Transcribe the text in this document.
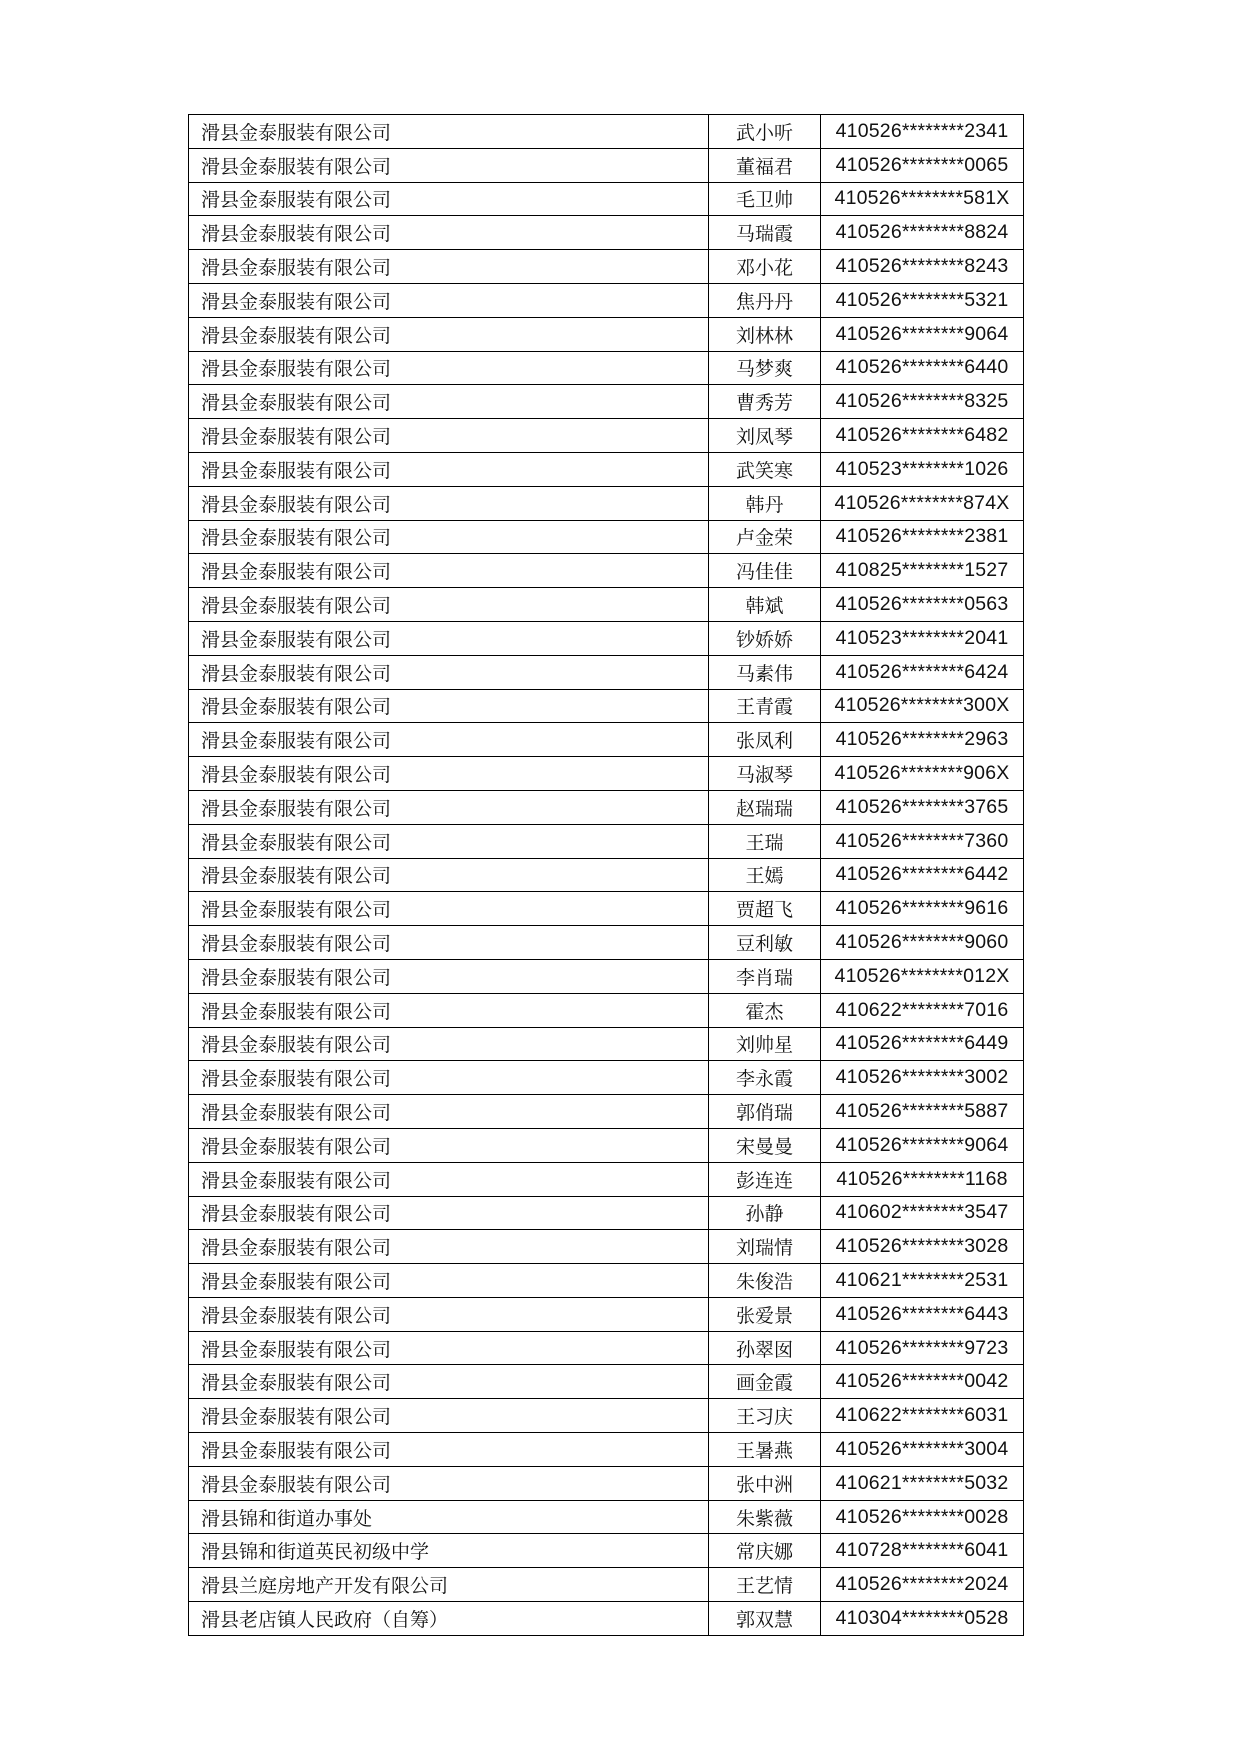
滑县金泰服装有限公司	武小听	410526********2341
滑县金泰服装有限公司	董福君	410526********0065
滑县金泰服装有限公司	毛卫帅	410526********581X
滑县金泰服装有限公司	马瑞霞	410526********8824
滑县金泰服装有限公司	邓小花	410526********8243
滑县金泰服装有限公司	焦丹丹	410526********5321
滑县金泰服装有限公司	刘林林	410526********9064
滑县金泰服装有限公司	马梦爽	410526********6440
滑县金泰服装有限公司	曹秀芳	410526********8325
滑县金泰服装有限公司	刘凤琴	410526********6482
滑县金泰服装有限公司	武笑寒	410523********1026
滑县金泰服装有限公司	韩丹	410526********874X
滑县金泰服装有限公司	卢金荣	410526********2381
滑县金泰服装有限公司	冯佳佳	410825********1527
滑县金泰服装有限公司	韩斌	410526********0563
滑县金泰服装有限公司	钞娇娇	410523********2041
滑县金泰服装有限公司	马素伟	410526********6424
滑县金泰服装有限公司	王青霞	410526********300X
滑县金泰服装有限公司	张凤利	410526********2963
滑县金泰服装有限公司	马淑琴	410526********906X
滑县金泰服装有限公司	赵瑞瑞	410526********3765
滑县金泰服装有限公司	王瑞	410526********7360
滑县金泰服装有限公司	王嫣	410526********6442
滑县金泰服装有限公司	贾超飞	410526********9616
滑县金泰服装有限公司	豆利敏	410526********9060
滑县金泰服装有限公司	李肖瑞	410526********012X
滑县金泰服装有限公司	霍杰	410622********7016
滑县金泰服装有限公司	刘帅星	410526********6449
滑县金泰服装有限公司	李永霞	410526********3002
滑县金泰服装有限公司	郭俏瑞	410526********5887
滑县金泰服装有限公司	宋曼曼	410526********9064
滑县金泰服装有限公司	彭连连	410526********1168
滑县金泰服装有限公司	孙静	410602********3547
滑县金泰服装有限公司	刘瑞情	410526********3028
滑县金泰服装有限公司	朱俊浩	410621********2531
滑县金泰服装有限公司	张爱景	410526********6443
滑县金泰服装有限公司	孙翠囡	410526********9723
滑县金泰服装有限公司	画金霞	410526********0042
滑县金泰服装有限公司	王习庆	410622********6031
滑县金泰服装有限公司	王暑燕	410526********3004
滑县金泰服装有限公司	张中洲	410621********5032
滑县锦和街道办事处	朱紫薇	410526********0028
滑县锦和街道英民初级中学	常庆娜	410728********6041
滑县兰庭房地产开发有限公司	王艺情	410526********2024
滑县老店镇人民政府（自筹）	郭双慧	410304********0528
